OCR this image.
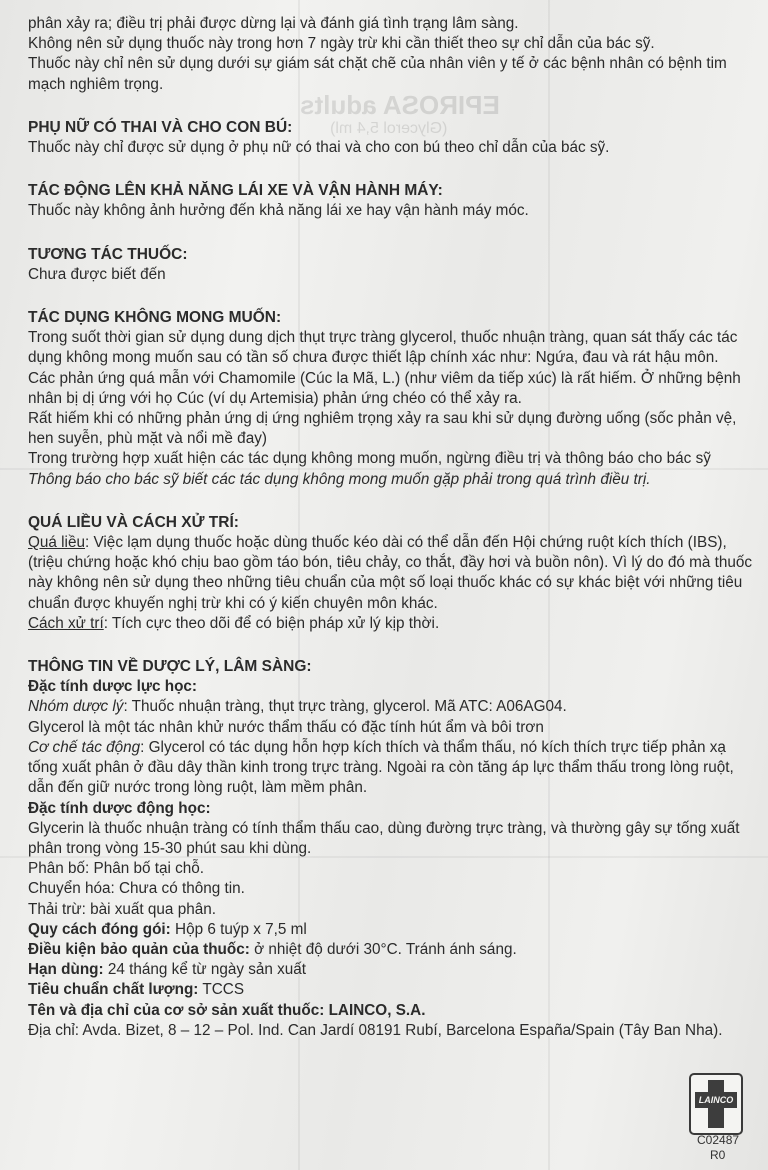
EPIROSA adults
(Glycerol 5,4 ml)

phân xảy ra; điều trị phải được dừng lại và đánh giá tình trạng lâm sàng.

Không nên sử dụng thuốc này trong hơn 7 ngày trừ khi cần thiết theo sự chỉ dẫn của bác sỹ.

Thuốc này chỉ nên sử dụng dưới sự giám sát chặt chẽ của nhân viên y tế ở các bệnh nhân có bệnh tim mạch nghiêm trọng.

PHỤ NỮ CÓ THAI VÀ CHO CON BÚ:

Thuốc này chỉ được sử dụng ở phụ nữ có thai và cho con bú theo chỉ dẫn của bác sỹ.

TÁC ĐỘNG LÊN KHẢ NĂNG LÁI XE VÀ VẬN HÀNH MÁY:

Thuốc này không ảnh hưởng đến khả năng lái xe hay vận hành máy móc.

TƯƠNG TÁC THUỐC:

Chưa được biết đến

TÁC DỤNG KHÔNG MONG MUỐN:

Trong suốt thời gian sử dụng dung dịch thụt trực tràng glycerol, thuốc nhuận tràng, quan sát thấy các tác dụng không mong muốn sau có tần số chưa được thiết lập chính xác như: Ngứa, đau và rát hậu môn.

Các phản ứng quá mẫn với Chamomile (Cúc la Mã, L.) (như viêm da tiếp xúc) là rất hiếm. Ở những bệnh nhân bị dị ứng với họ Cúc (ví dụ Artemisia) phản ứng chéo có thể xảy ra.

Rất hiếm khi có những phản ứng dị ứng nghiêm trọng xảy ra sau khi sử dụng đường uống (sốc phản vệ, hen suyễn, phù mặt và nổi mề đay)

Trong trường hợp xuất hiện các tác dụng không mong muốn, ngừng điều trị và thông báo cho bác sỹ

Thông báo cho bác sỹ biết các tác dụng không mong muốn gặp phải trong quá trình điều trị.

QUÁ LIỀU VÀ CÁCH XỬ TRÍ:

Quá liều: Việc lạm dụng thuốc hoặc dùng thuốc kéo dài có thể dẫn đến Hội chứng ruột kích thích (IBS), (triệu chứng hoặc khó chịu bao gồm táo bón, tiêu chảy, co thắt, đầy hơi và buồn nôn). Vì lý do đó mà thuốc này không nên sử dụng theo những tiêu chuẩn của một số loại thuốc khác có sự khác biệt với những tiêu chuẩn được khuyến nghị trừ khi có ý kiến chuyên môn khác.

Cách xử trí: Tích cực theo dõi để có biện pháp xử lý kịp thời.

THÔNG TIN VỀ DƯỢC LÝ, LÂM SÀNG:

Đặc tính dược lực học:

Nhóm dược lý: Thuốc nhuận tràng, thụt trực tràng, glycerol. Mã ATC: A06AG04.

Glycerol là một tác nhân khử nước thẩm thấu có đặc tính hút ẩm và bôi trơn

Cơ chế tác động: Glycerol có tác dụng hỗn hợp kích thích và thẩm thấu, nó kích thích trực tiếp phản xạ tống xuất phân ở đầu dây thần kinh trong trực tràng. Ngoài ra còn tăng áp lực thẩm thấu trong lòng ruột, dẫn đến giữ nước trong lòng ruột, làm mềm phân.

Đặc tính dược động học:

Glycerin là thuốc nhuận tràng có tính thẩm thấu cao, dùng đường trực tràng, và thường gây sự tống xuất phân trong vòng 15-30 phút sau khi dùng.

Phân bố: Phân bố tại chỗ.

Chuyển hóa: Chưa có thông tin.

Thải trừ: bài xuất qua phân.

Quy cách đóng gói: Hộp 6 tuýp x 7,5 ml

Điều kiện bảo quản của thuốc: ở nhiệt độ dưới 30°C. Tránh ánh sáng.

Hạn dùng: 24 tháng kể từ ngày sản xuất

Tiêu chuẩn chất lượng: TCCS

Tên và địa chỉ của cơ sở sản xuất thuốc: LAINCO, S.A.

Địa chỉ: Avda. Bizet, 8 – 12 – Pol. Ind. Can Jardí 08191 Rubí, Barcelona España/Spain (Tây Ban Nha).

LAINCO
C02487
R0
